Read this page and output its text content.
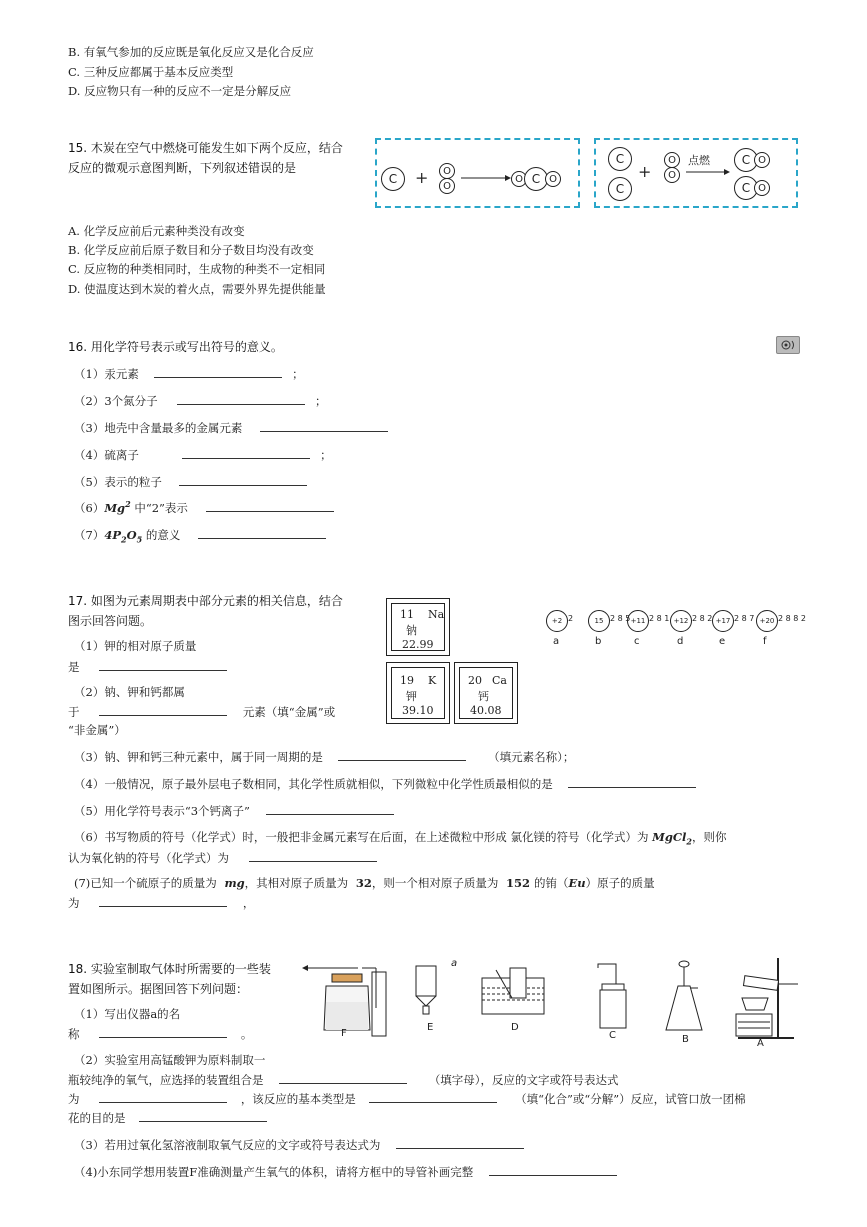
B. 有氧气参加的反应既是氧化反应又是化合反应
C. 三种反应都属于基本反应类型
D. 反应物只有一种的反应不一定是分解反应
15. 木炭在空气中燃烧可能发生如下两个反应，结合
反应的微观示意图判断，下列叙述错误的是
C	+	O
O
O C O
C
C
+
O
O
点燃	C O
C O
A. 化学反应前后元素种类没有改变
B. 化学反应前后原子数目和分子数目均没有改变
C. 反应物的种类相同时，生成物的种类不一定相同
D. 使温度达到木炭的着火点，需要外界先提供能量
16. 用化学符号表示或写出符号的意义。
（1）汞元素	；
（2）3个氮分子	；
（3）地壳中含量最多的金属元素
（4）硫离子	；
（5）表示的粒子
（6）Mg$^2$ 中“2”表示
$(7)4P_2O_5$ 的意义
17. 如图为元素周期表中部分元素的相关信息，结合
图示回答问题。	11 Na
钠
22.99
19 K
钾
39.10
20 Ca
钙
40.08
+2 2
a
15 2 8 5
b
+11 2 8 1
c
+12 2 8 2
d
+17 2 8 7
e
+20 2 8 8 2
f
（1）钾的相对原子质量
是
（2）钠、钾和钙都属
于	元素（填“金属”或
“非金属”）
（3）钠、钾和钙三种元素中，属于同一周期的是	（填元素名称）；
（4）一般情况，原子最外层电子数相同，其化学性质就相似，下列微粒中化学性质最相似的是
（5）用化学符号表示“3个钙离子”
（6）书写物质的符号（化学式）时，一般把非金属元素写在后面，在上述微粒中形成 氯化镁的符号（化学式）为 MgCl$_2$，则你
认为氧化钠的符号（化学式）为
(7)已知一个硫原子的质量为 mg，其相对原子质量为 32，则一个相对原子质量为 152 的铕（Eu）原子的质量
为	，
18. 实验室制取气体时所需要的一些装
置如图所示。据图回答下列问题：
a
F
E	D
C	B	A
（1）写出仪器a的名
称	。
（2）实验室用高锰酸钾为原料制取一
瓶较纯净的氧气，应选择的装置组合是	（填字母），反应的文字或符号表达式
为	，该反应的基本类型是	（填“化合”或“分解”）反应，试管口放一团棉
花的目的是
（3）若用过氧化氢溶液制取氧气反应的文字或符号表达式为
（4)小东同学想用装置F准确测量产生氧气的体积，请将方框中的导管补画完整
